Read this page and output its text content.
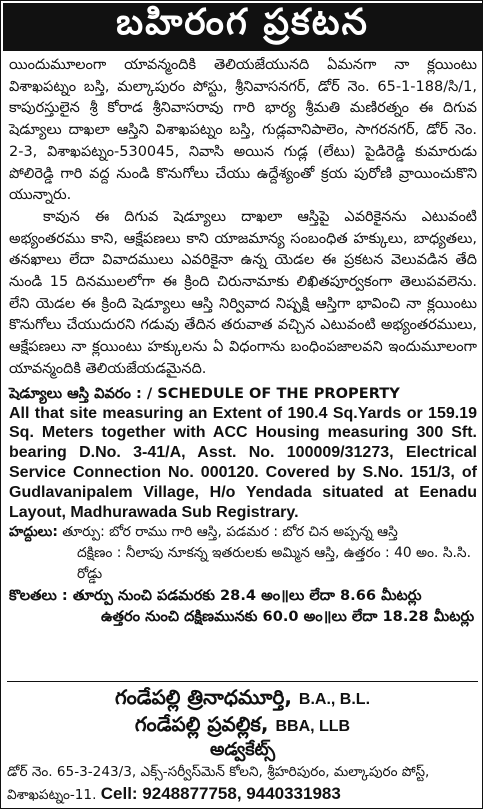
బహిరంగ ప్రకటన

యిందుమూలంగా యావన్మందికి తెలియజేయునది ఏమనగా నా క్లయింటు విశాఖపట్నం బస్తి, మల్కాపురం పోస్టు, శ్రీనివాసనగర్, డోర్ నెం. 65-1-188/సి/1, కాపురస్తులైన శ్రీ కోరాడ శ్రీనివాసరావు గారి భార్య శ్రీమతి మణిరత్నం ఈ దిగువ షెడ్యూలు దాఖలా ఆస్తిని విశాఖపట్నం బస్తి, గుడ్లవానిపాలెం, సాగరనగర్, డోర్ నెం. 2-3, విశాఖపట్నం-530045, నివాసి అయిన గుడ్ల (లేటు) పైడిరెడ్డి కుమారుడు పోలిరెడ్డి గారి వద్ద నుండి కొనుగోలు చేయు ఉద్దేశ్యంతో క్రయ పురోణి వ్రాయించుకొని యున్నారు.

కావున ఈ దిగువ షెడ్యూలు దాఖలా ఆస్తిపై ఎవరికైనను ఎటువంటి అభ్యంతరము కాని, ఆక్షేపణలు కాని యాజమాన్య సంబంధిత హక్కులు, బాధ్యతలు, తనఖాలు లేదా వివాదములు ఎవరికైనా ఉన్న యెడల ఈ ప్రకటన వెలువడిన తేది నుండి 15 దినములలోగా ఈ క్రింది చిరునామాకు లిఖితపూర్వకంగా తెలుపవలెను. లేని యెడల ఈ క్రింది షెడ్యూలు ఆస్తి నిర్వివాద నిష్పక్షి ఆస్తిగా భావించి నా క్లయింటు కొనుగోలు చేయుదురని గడువు తేదిన తరువాత వచ్చిన ఎటువంటి అభ్యంతరములు, ఆక్షేపణలు నా క్లయింటు హక్కులను ఏ విధంగాను బంధింపజాలవని ఇందుమూలంగా యావన్మందికి తెలియజేయడమైనది.

షెడ్యూలు ఆస్తి వివరం : / SCHEDULE OF THE PROPERTY

All that site measuring an Extent of 190.4 Sq.Yards or 159.19 Sq. Meters together with ACC Housing measuring 300 Sft. bearing D.No. 3-41/A, Asst. No. 100009/31273, Electrical Service Connection No. 000120. Covered by S.No. 151/3, of Gudlavanipalem Village, H/o Yendada situated at Eenadu Layout, Madhurawada Sub Registrary.

హద్దులు: తూర్పు: బోర రాము గారి ఆస్తి, పడమర : బోర చిన అప్పన్న ఆస్తి

దక్షిణం : నీలాపు నూకన్న ఇతరులకు అమ్మిన ఆస్తి, ఉత్తరం : 40 అం. సి.సి. రోడ్డు

కొలతలు : తూర్పు నుంచి పడమరకు 28.4 అం॥లు లేదా 8.66 మీటర్లు

ఉత్తరం నుంచి దక్షిణమునకు 60.0 అం॥లు లేదా 18.28 మీటర్లు

గండేపల్లి త్రినాధమూర్తి, B.A., B.L.
గండేపల్లి ప్రవల్లిక, BBA, LLB
అడ్వకేట్స్
డోర్ నెం. 65-3-243/3, ఎక్స్-సర్వీస్‌మెన్ కోలని, శ్రీహరిపురం, మల్కాపురం పోస్ట్,
విశాఖపట్నం-11. Cell: 9248877758, 9440331983
